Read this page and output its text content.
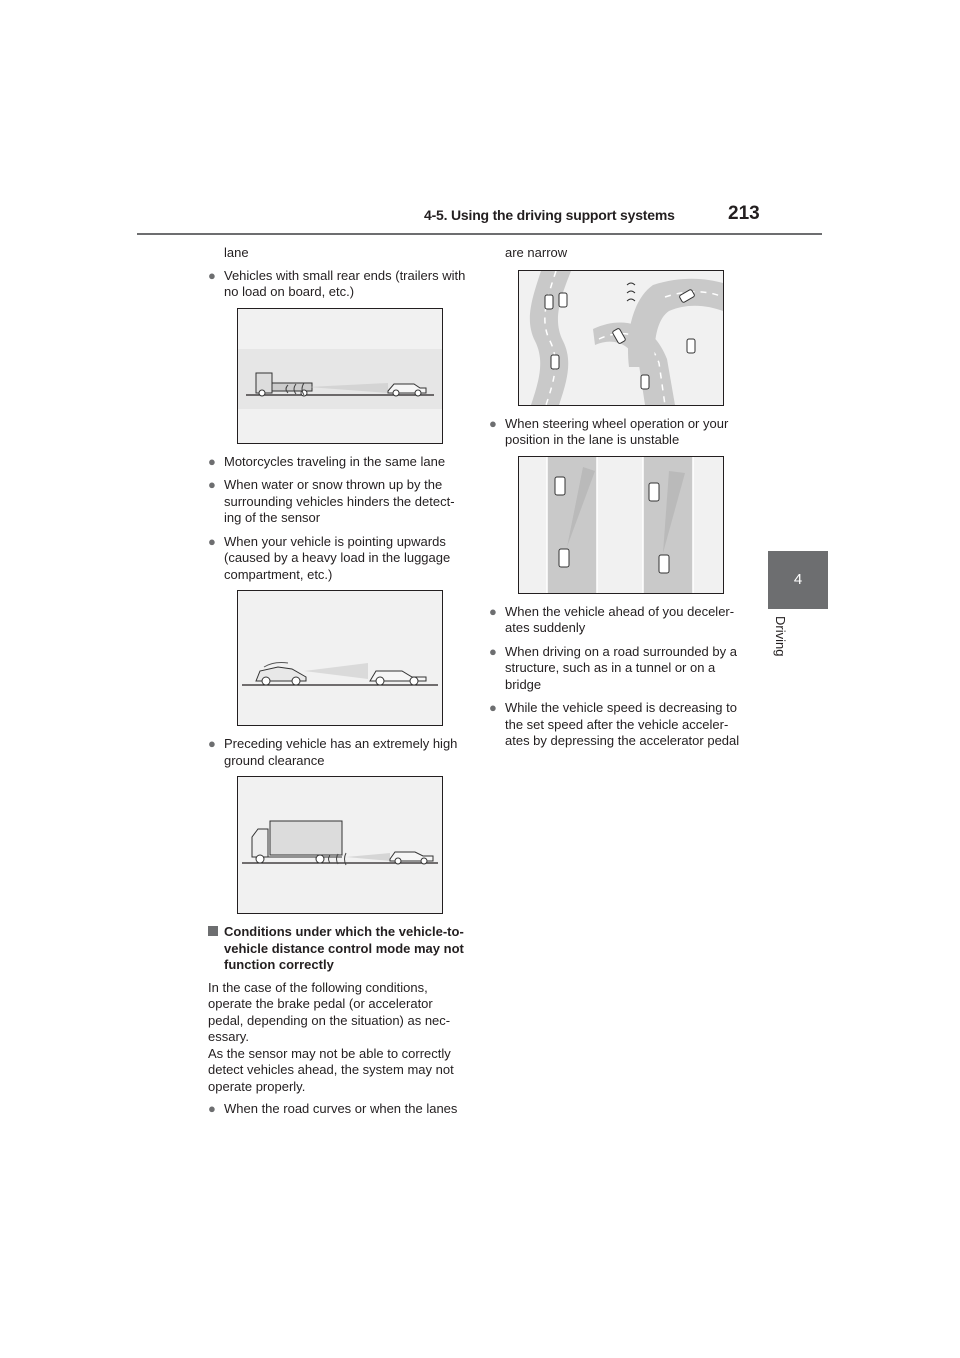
4-5. Using the driving support systems	213
4
Driving
lane
● Vehicles with small rear ends (trailers with no load on board, etc.)
● Motorcycles traveling in the same lane
● When water or snow thrown up by the surrounding vehicles hinders the detect-ing of the sensor
● When your vehicle is pointing upwards (caused by a heavy load in the luggage compartment, etc.)
● Preceding vehicle has an extremely high ground clearance
Conditions under which the vehicle-to-vehicle distance control mode may not function correctly
In the case of the following conditions, operate the brake pedal (or accelerator pedal, depending on the situation) as nec-essary.
As the sensor may not be able to correctly detect vehicles ahead, the system may not operate properly.
● When the road curves or when the lanes
are narrow
● When steering wheel operation or your position in the lane is unstable
● When the vehicle ahead of you deceler-ates suddenly
● When driving on a road surrounded by a structure, such as in a tunnel or on a bridge
● While the vehicle speed is decreasing to the set speed after the vehicle acceler-ates by depressing the accelerator pedal
